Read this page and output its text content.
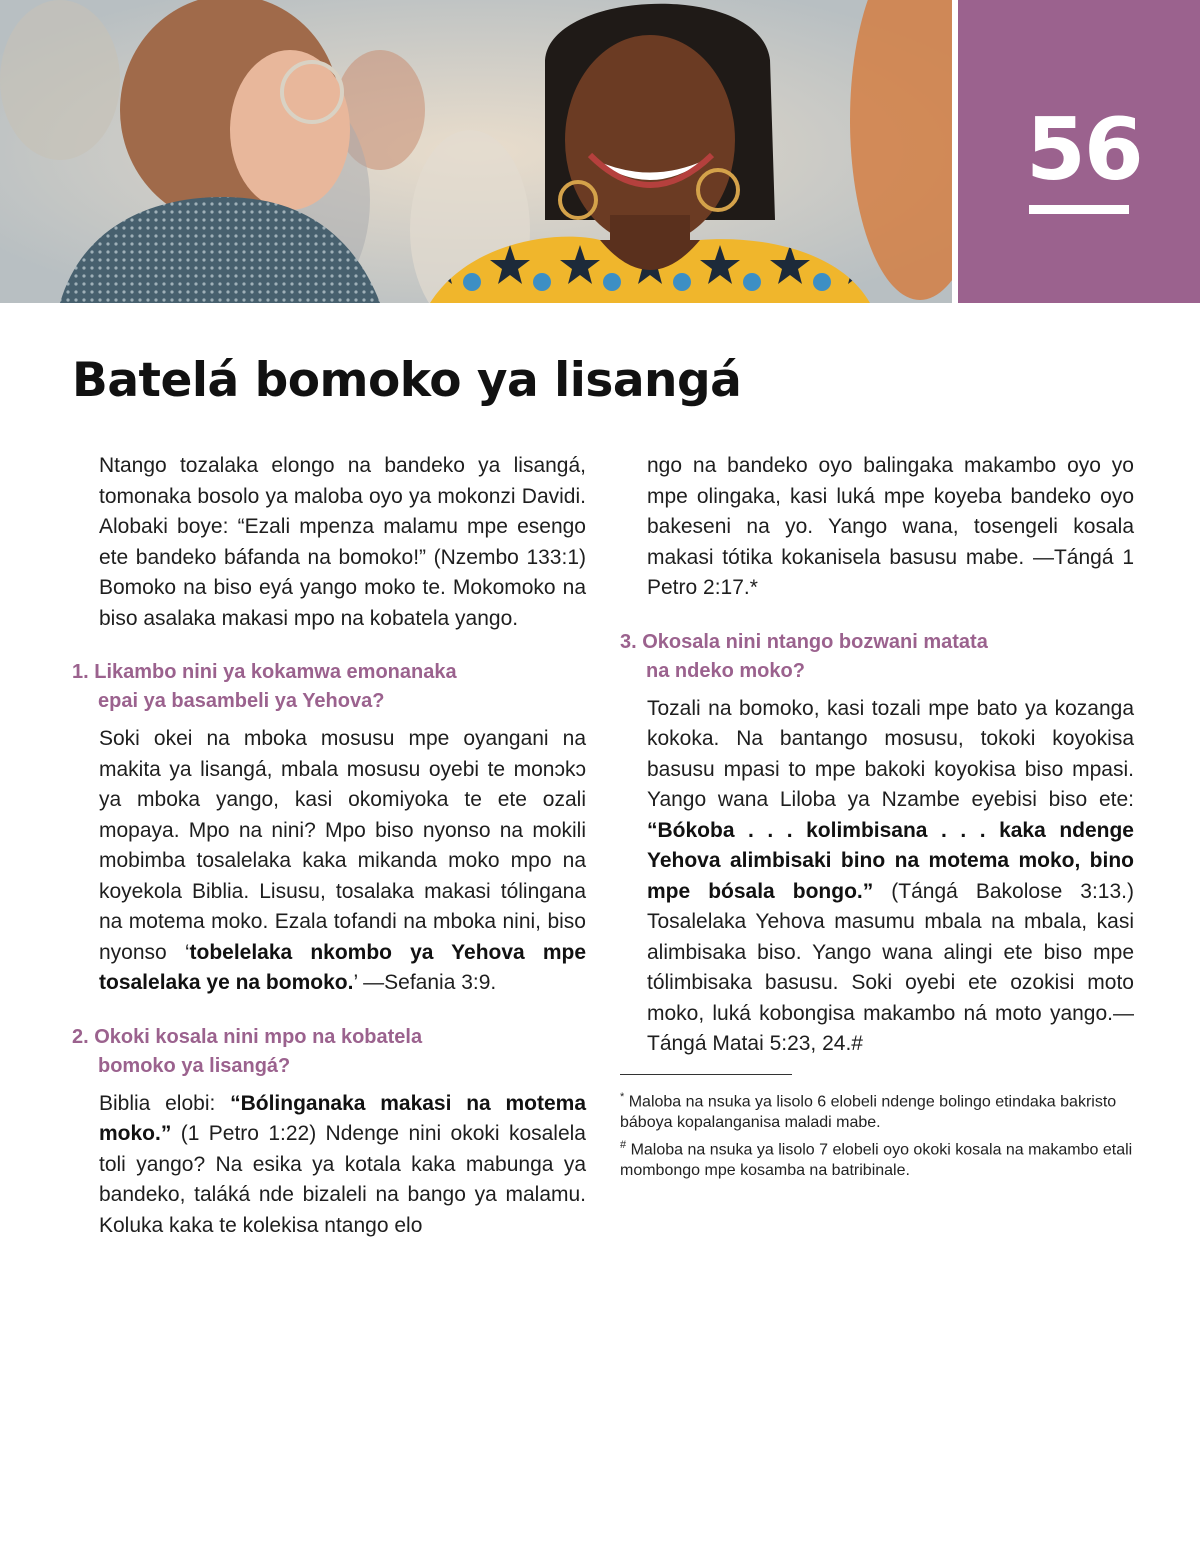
56
Batelá bomoko ya lisangá

Ntango tozalaka elongo na bandeko ya lisangá, tomonaka bosolo ya maloba oyo ya mokonzi Davidi. Alobaki boye: “Ezali mpenza malamu mpe esengo ete bandeko báfanda na bomoko!” (Nzembo 133:1) Bomoko na biso eyá yango moko te. Mokomoko na biso asalaka makasi mpo na kobatela yango.

1. Likambo nini ya kokamwa emonanaka
epai ya basambeli ya Yehova?

Soki okei na mboka mosusu mpe oyangani na makita ya lisangá, mbala mosusu oyebi te monɔkɔ ya mboka yango, kasi okomiyoka te ete ozali mopaya. Mpo na nini? Mpo biso nyonso na mokili mobimba tosalelaka kaka mikanda moko mpo na koyekola Biblia. Lisusu, tosalaka makasi tólingana na motema moko. Ezala tofandi na mboka nini, biso nyonso ‘tobelelaka nkombo ya Yehova mpe tosalelaka ye na bomoko.’ —Sefania 3:9.

2. Okoki kosala nini mpo na kobatela
bomoko ya lisangá?

Biblia elobi: “Bólinganaka makasi na motema moko.” (1 Petro 1:22) Ndenge nini okoki kosalela toli yango? Na esika ya kotala kaka mabunga ya bandeko, taláká nde bizaleli na bango ya malamu. Koluka kaka te kolekisa ntango elo

ngo na bandeko oyo balingaka makambo oyo yo mpe olingaka, kasi luká mpe koyeba bandeko oyo bakeseni na yo. Yango wana, tosengeli kosala makasi tótika kokanisela basusu mabe. —Tángá 1 Petro 2:17.*

3. Okosala nini ntango bozwani matata
na ndeko moko?

Tozali na bomoko, kasi tozali mpe bato ya kozanga kokoka. Na bantango mosusu, tokoki koyokisa basusu mpasi to mpe bakoki koyokisa biso mpasi. Yango wana Liloba ya Nzambe eyebisi biso ete: “Bókoba . . . kolimbisana . . . kaka ndenge Yehova alimbisaki bino na motema moko, bino mpe bósala bongo.” (Tángá Bakolose 3:13.) Tosalelaka Yehova masumu mbala na mbala, kasi alimbisaka biso. Yango wana alingi ete biso mpe tólimbisaka basusu. Soki oyebi ete ozokisi moto moko, luká kobongisa makambo ná moto yango.—Tángá Matai 5:23, 24.#

* Maloba na nsuka ya lisolo 6 elobeli ndenge bolingo etindaka bakristo báboya kopalanganisa maladi mabe.

# Maloba na nsuka ya lisolo 7 elobeli oyo okoki kosala na makambo etali mombongo mpe kosamba na batribinale.
